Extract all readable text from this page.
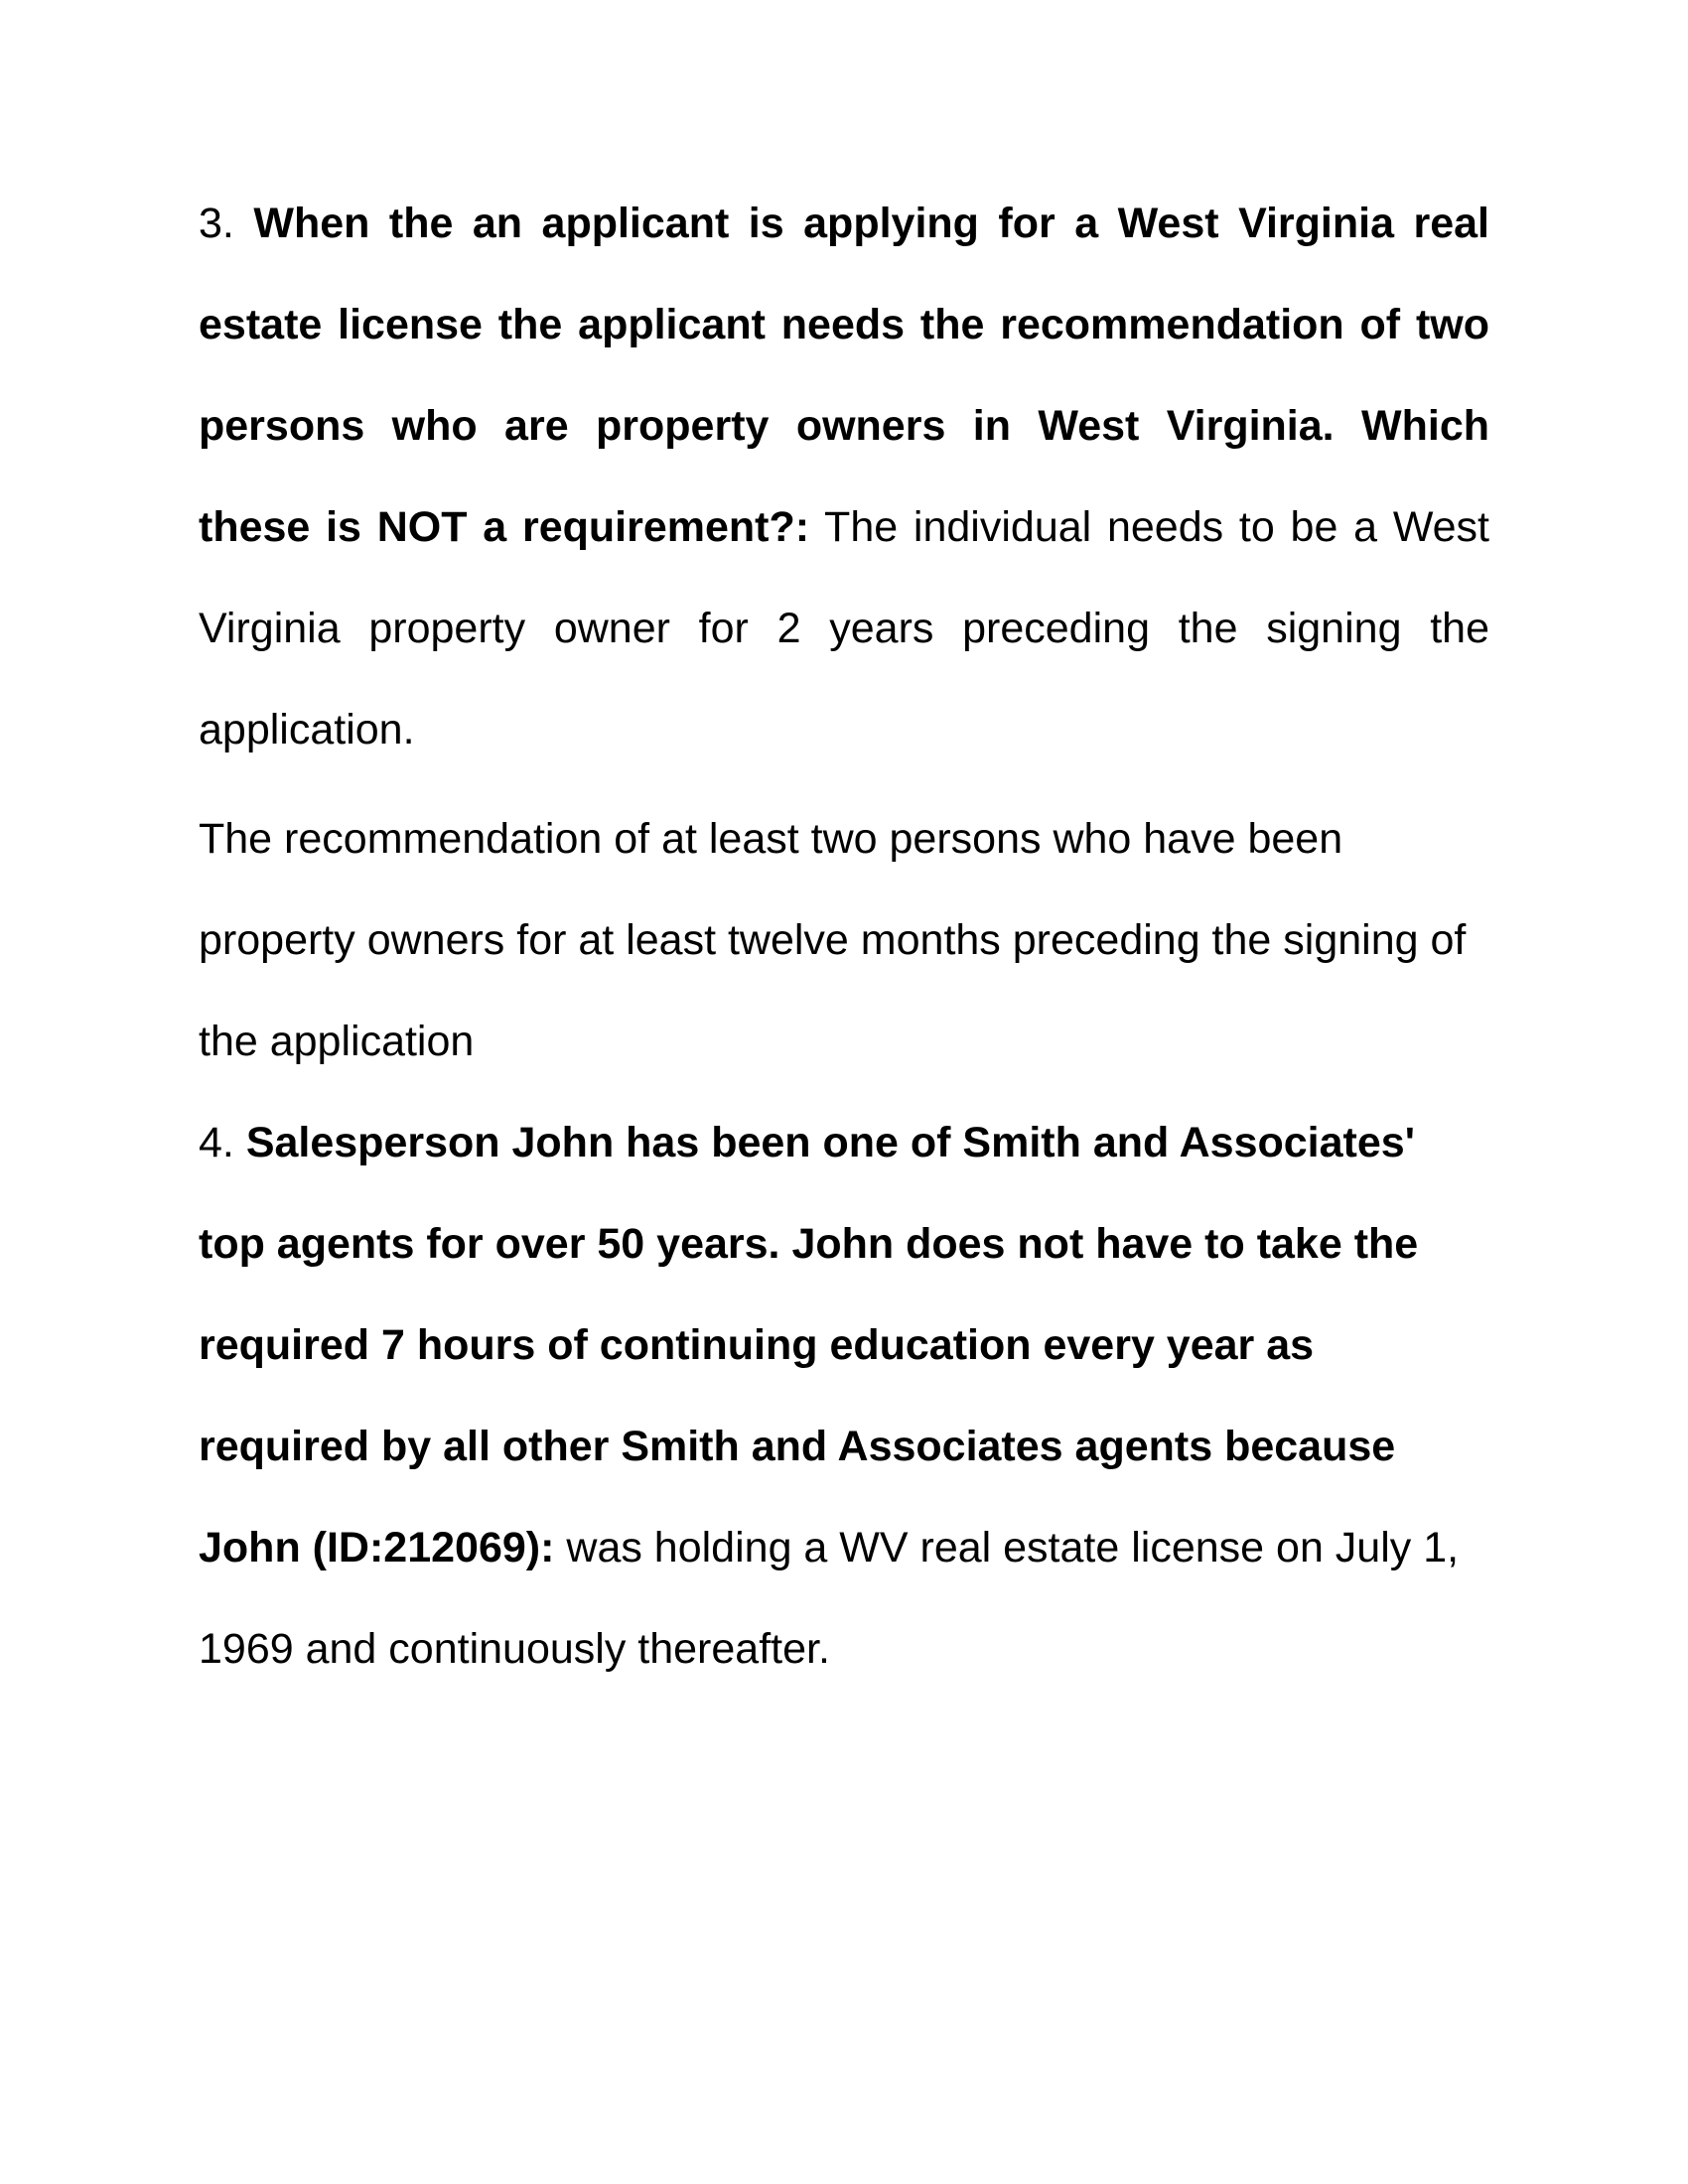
3. When the an applicant is applying for a West Virginia real estate license the applicant needs the recommendation of two persons who are property owners in West Virginia. Which these is NOT a requirement?: The individual needs to be a West Virginia property owner for 2 years preceding the signing the application.

The recommendation of at least two persons who have been property owners for at least twelve months preceding the signing of the application

4. Salesperson John has been one of Smith and Associates' top agents for over 50 years. John does not have to take the required 7 hours of continuing education every year as required by all other Smith and Associates agents because John (ID:212069): was holding a WV real estate license on July 1, 1969 and continuously thereafter.
